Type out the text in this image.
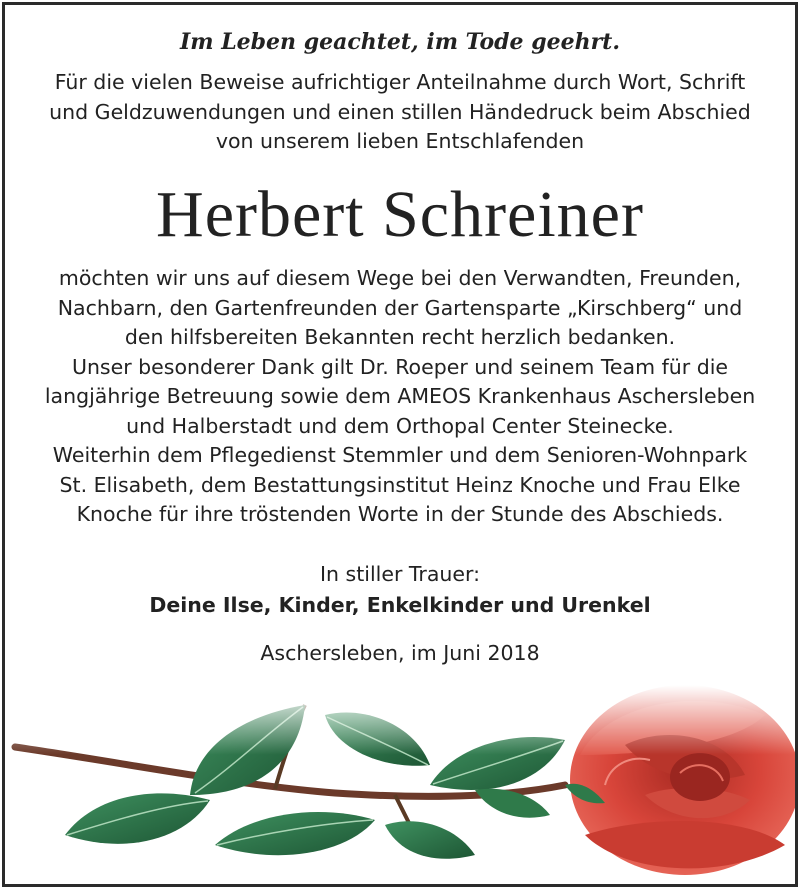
Im Leben geachtet, im Tode geehrt.
Für die vielen Beweise aufrichtiger Anteilnahme durch Wort, Schrift
und Geldzuwendungen und einen stillen Händedruck beim Abschied
von unserem lieben Entschlafenden
Herbert Schreiner
möchten wir uns auf diesem Wege bei den Verwandten, Freunden,
Nachbarn, den Gartenfreunden der Gartensparte „Kirschberg“ und
den hilfsbereiten Bekannten recht herzlich bedanken.
Unser besonderer Dank gilt Dr. Roeper und seinem Team für die
langjährige Betreuung sowie dem AMEOS Krankenhaus Aschersleben
und Halberstadt und dem Orthopal Center Steinecke.
Weiterhin dem Pflegedienst Stemmler und dem Senioren-Wohnpark
St. Elisabeth, dem Bestattungsinstitut Heinz Knoche und Frau Elke
Knoche für ihre tröstenden Worte in der Stunde des Abschieds.
In stiller Trauer:
Deine Ilse, Kinder, Enkelkinder und Urenkel
Aschersleben, im Juni 2018
